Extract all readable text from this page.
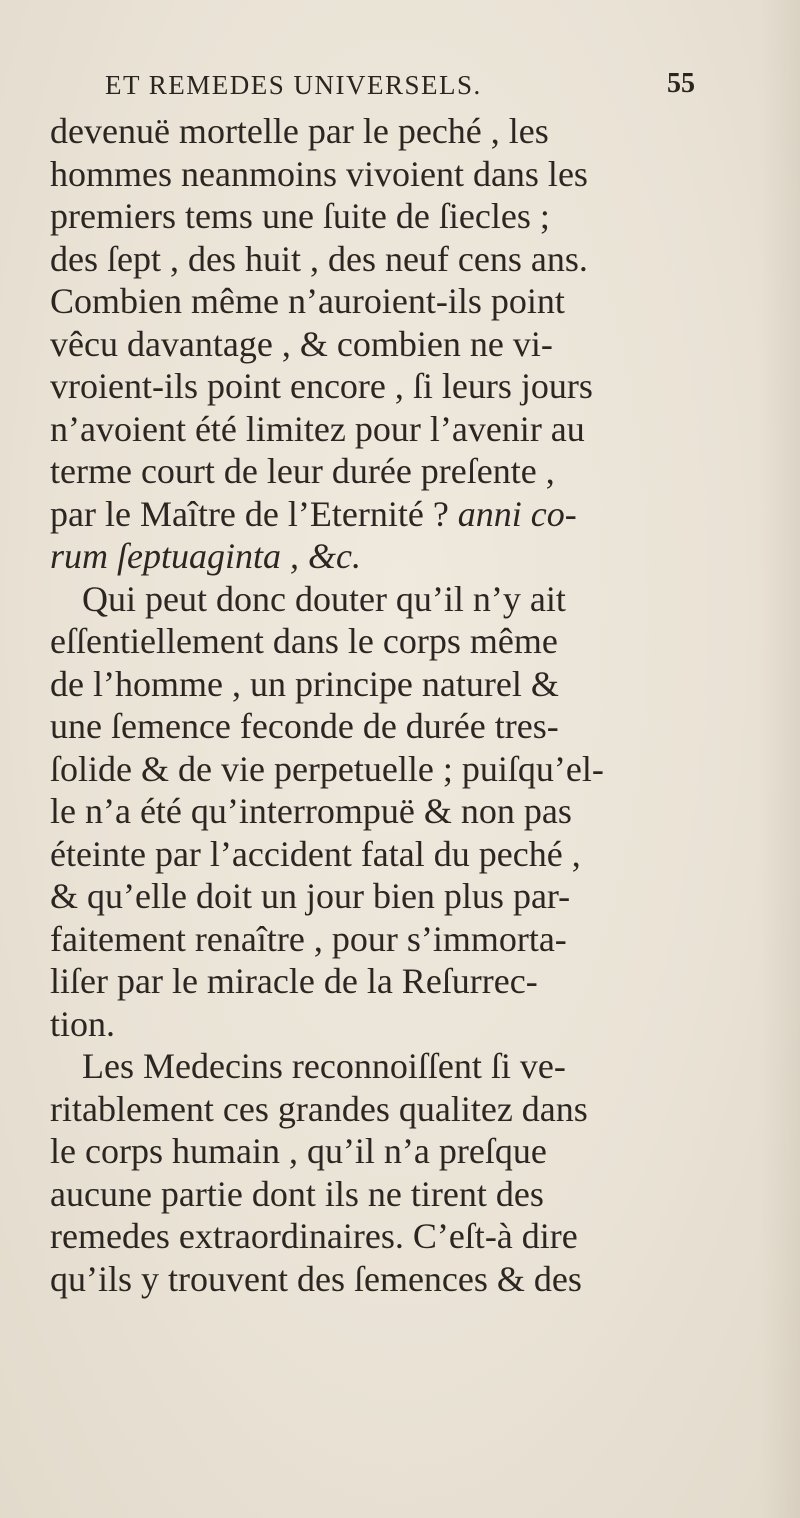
ET REMEDES UNIVERSELS.	55
devenuë mortelle par le peché , les
hommes neanmoins vivoient dans les
premiers tems une ſuite de ſiecles ;
des ſept , des huit , des neuf cens ans.
Combien même n’auroient-ils point
vêcu davantage , & combien ne vi-
vroient-ils point encore , ſi leurs jours
n’avoient été limitez pour l’avenir au
terme court de leur durée preſente ,
par le Maître de l’Eternité ? anni co-
rum ſeptuaginta , &c.
Qui peut donc douter qu’il n’y ait
eſſentiellement dans le corps même
de l’homme , un principe naturel &
une ſemence feconde de durée tres-
ſolide & de vie perpetuelle ; puiſqu’el-
le n’a été qu’interrompuë & non pas
éteinte par l’accident fatal du peché ,
& qu’elle doit un jour bien plus par-
faitement renaître , pour s’immorta-
liſer par le miracle de la Reſurrec-
tion.
Les Medecins reconnoiſſent ſi ve-
ritablement ces grandes qualitez dans
le corps humain , qu’il n’a preſque
aucune partie dont ils ne tirent des
remedes extraordinaires. C’eſt-à dire
qu’ils y trouvent des ſemences & des
